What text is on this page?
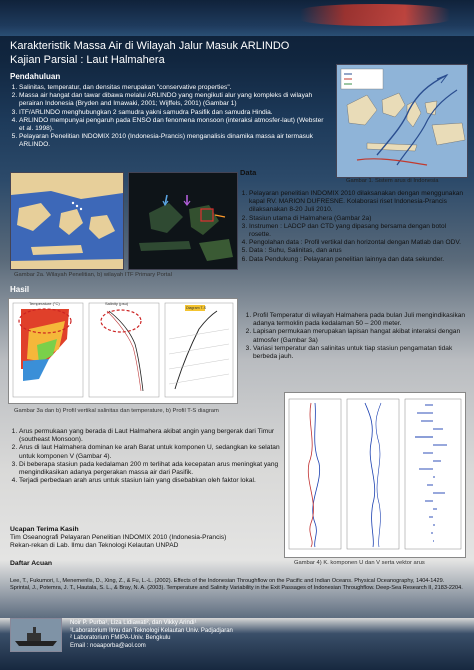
Karakteristik Massa Air di Wilayah Jalur Masuk ARLINDO
Kajian Parsial : Laut Halmahera
Pendahuluan
1. Salinitas, temperatur, dan densitas merupakan "conservative properties".
2. Massa air hangat dan tawar dibawa melalui ARLINDO yang mengikuti alur yang kompleks di wilayah perairan Indonesia (Bryden and Imawaki, 2001; Wijffels, 2001) (Gambar 1)
3. ITF/ARLINDO menghubungkan 2 samudra yakni samudra Pasifik dan samudra Hindia.
4. ARLINDO mempunyai pengaruh pada ENSO dan fenomena monsoon (interaksi atmosfer-laut) (Webster et al. 1998).
5. Pelayaran Penelitian INDOMIX 2010 (Indonesia-Prancis) menganalisis dinamika massa air termasuk ARLINDO.
Gambar 1. Sistem arus di Indonesia
Data
1. Pelayaran penelitian INDOMIX 2010 dilaksanakan dengan menggunakan kapal RV. MARION DUFRESNE. Kolaborasi riset Indonesia-Prancis dilaksanakan 8-20 Juli 2010.
2. Stasiun utama di Halmahera (Gambar 2a)
3. Instrumen : LADCP dan CTD yang dipasang bersama dengan botol rosette.
4. Pengolahan data : Profil vertikal dan horizontal dengan Matlab dan ODV.
5. Data : Suhu, Salinitas, dan arus
6. Data Pendukung : Pelayaran penelitian lainnya dan data sekunder.
Gambar 2a. Wilayah Penelitian, b) wilayah ITF Primary Portal
Hasil
Temperature (°C)	Salinity (psu)
Diagram T-S
1. Profil Temperatur di wilayah Halmahera pada bulan Juli mengindikasikan adanya termoklin pada kedalaman 50 – 200 meter.
2. Lapisan permukaan merupakan lapisan hangat akibat interaksi dengan atmosfer (Gambar 3a)
3. Variasi temperatur dan salinitas untuk tiap stasiun pengamatan tidak berbeda jauh.
Gambar 3a dan b) Profil vertikal salinitas dan temperature, b) Profil T-S diagram
1. Arus permukaan yang berada di Laut Halmahera akibat angin yang bergerak dari Timur (southeast Monsoon).
2. Arus di laut Halmahera dominan ke arah Barat untuk komponen U, sedangkan ke selatan untuk komponen V (Gambar 4).
3. Di beberapa stasiun pada kedalaman 200 m terlihat ada kecepatan arus meningkat yang mengindikasikan adanya pergerakan massa air dari Pasifik.
4. Terjadi perbedaan arah arus untuk stasiun lain yang disebabkan oleh faktor lokal.
Ucapan Terima Kasih
Tim Oseanografi Pelayaran Penelitian INDOMIX 2010 (Indonesia-Prancis)
Rekan-rekan di Lab. Ilmu dan Teknologi Kelautan UNPAD
Daftar Acuan	Gambar 4) K. komponen U dan V serta vektor arus
Lee, T., Fukumori, I., Menemenlis, D., Xing, Z., & Fu, L.-L. (2002). Effects of the Indonesian Throughflow on the Pacific and Indian Oceans. Physical Oceanography, 1404-1429.
Sprintal, J., Potemra, J. T., Hautala, S. L., & Bray, N. A. (2003). Temperature and Salinity Variability in the Exit Passages of Indonesian Throughflow. Deep-Sea Research II, 2183-2204.
Noir P. Purba¹, Liza Lidiawati², dan Vikky Arindi¹
¹Laboratorium Ilmu dan Teknologi Kelautan Univ. Padjadjaran
² Laboratorium FMIPA-Univ. Bengkulu
Email : noaaporba@aol.com
